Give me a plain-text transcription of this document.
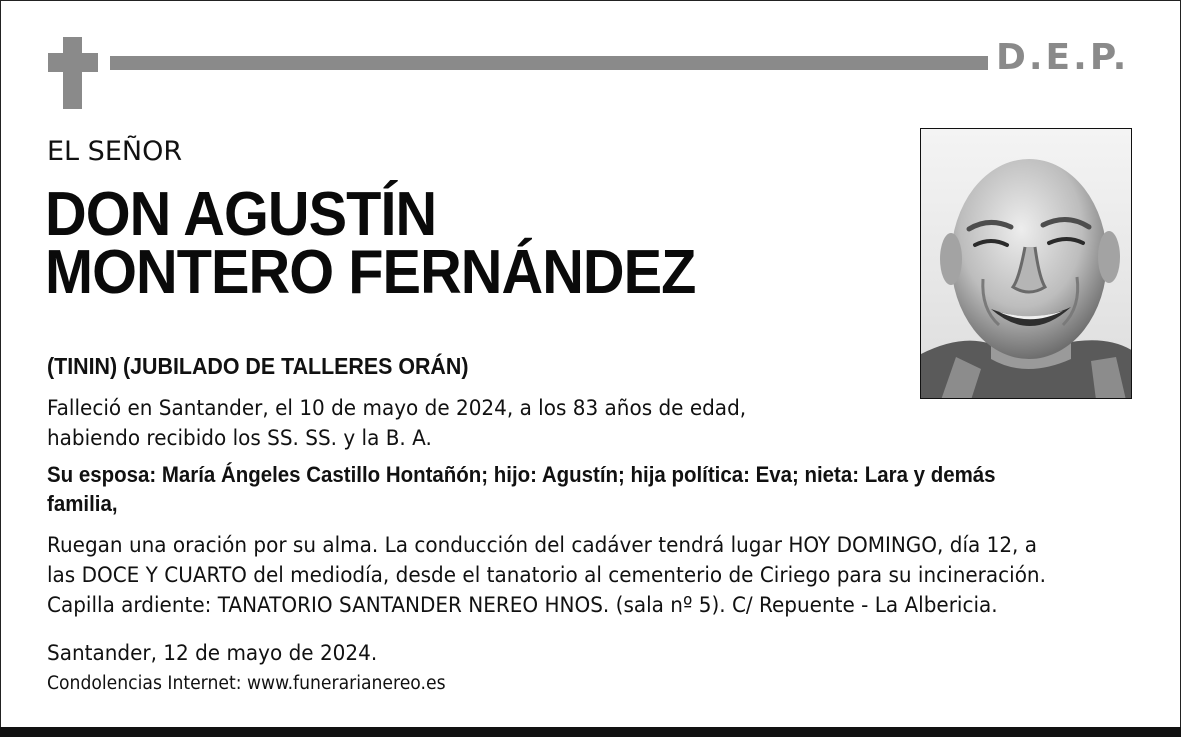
D.E.P.
EL SEÑOR
DON AGUSTÍN
MONTERO FERNÁNDEZ
(TININ) (JUBILADO DE TALLERES ORÁN)
Falleció en Santander, el 10 de mayo de 2024, a los 83 años de edad,
habiendo recibido los SS. SS. y la B. A.
Su esposa: María Ángeles Castillo Hontañón; hijo: Agustín; hija política: Eva; nieta: Lara y demás familia,
Ruegan una oración por su alma. La conducción del cadáver tendrá lugar HOY DOMINGO, día 12, a
las DOCE Y CUARTO del mediodía, desde el tanatorio al cementerio de Ciriego para su incineración.
Capilla ardiente: TANATORIO SANTANDER NEREO HNOS. (sala nº 5). C/ Repuente - La Albericia.
Santander, 12 de mayo de 2024.
Condolencias Internet: www.funerarianereo.es
